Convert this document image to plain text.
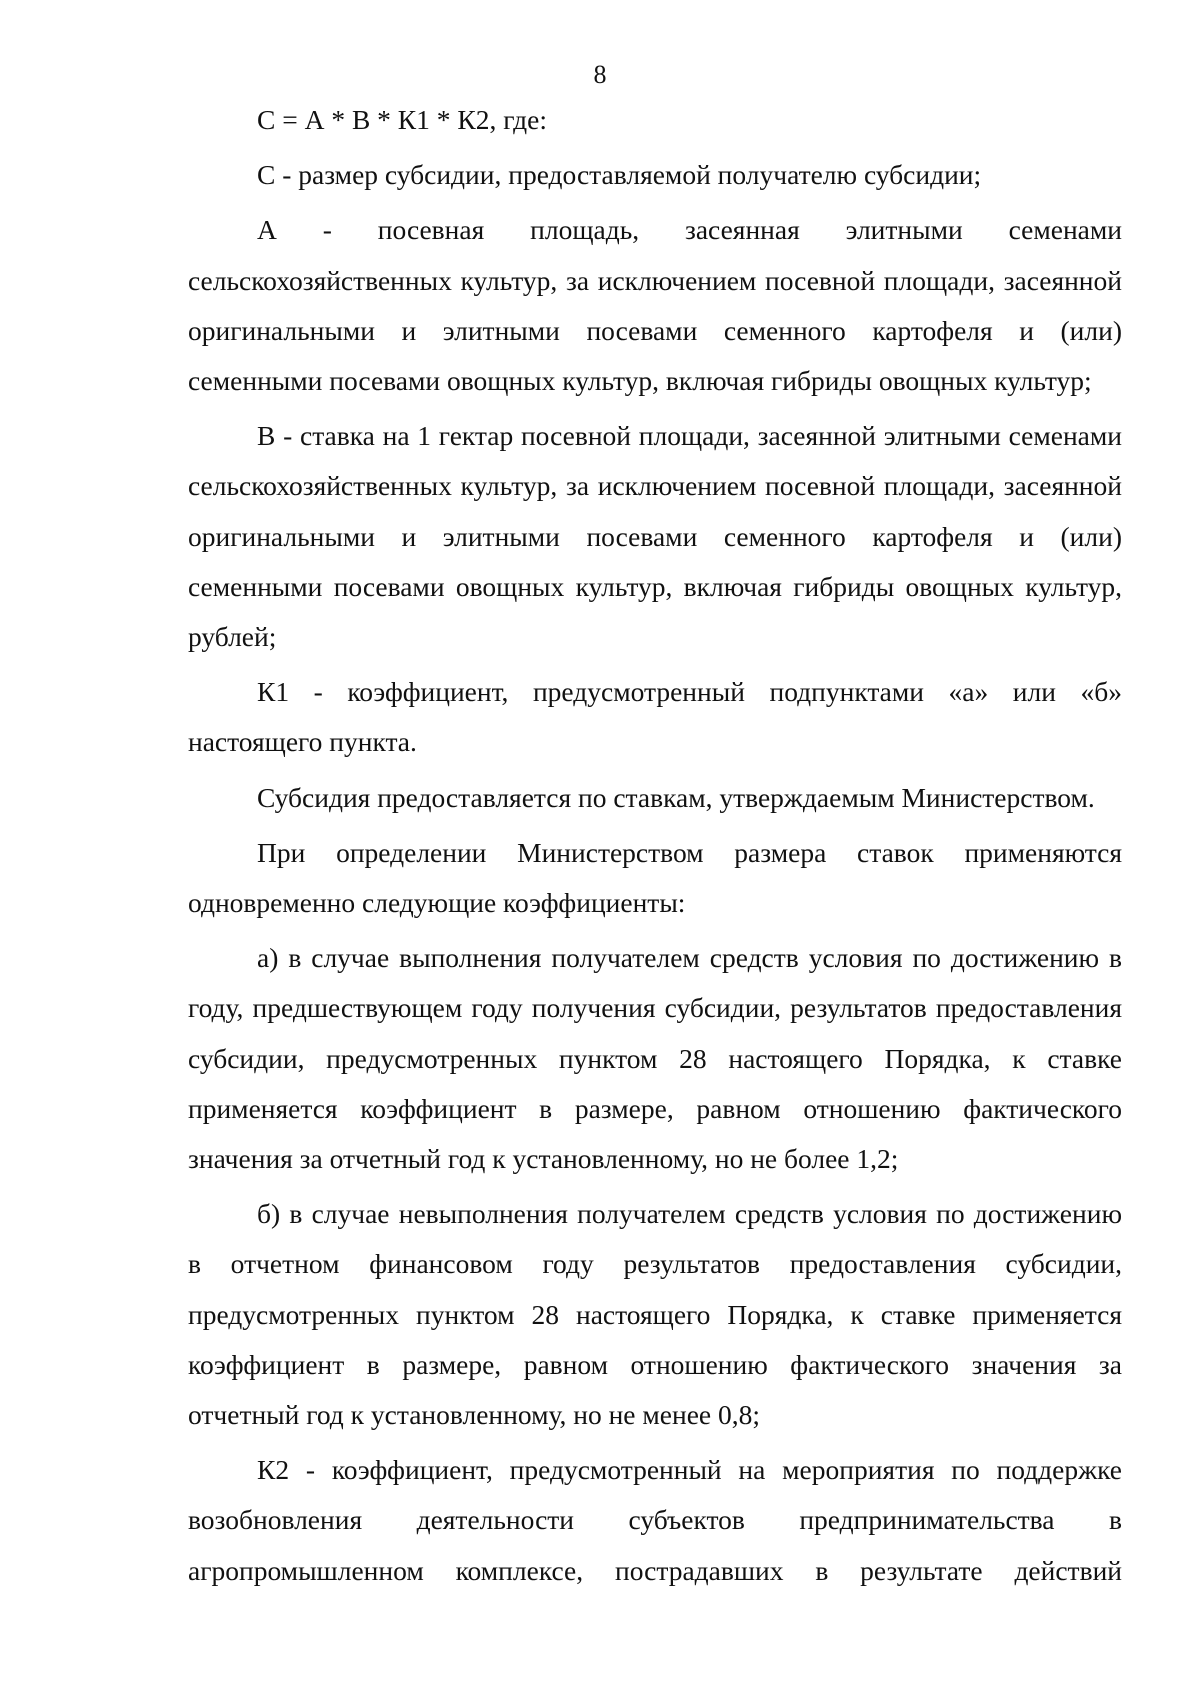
8

С = А * В * К1 * К2, где:

С - размер субсидии, предоставляемой получателю субсидии;

А - посевная площадь, засеянная элитными семенами сельскохозяйственных культур, за исключением посевной площади, засеянной оригинальными и элитными посевами семенного картофеля и (или) семенными посевами овощных культур, включая гибриды овощных культур;

В - ставка на 1 гектар посевной площади, засеянной элитными семенами сельскохозяйственных культур, за исключением посевной площади, засеянной оригинальными и элитными посевами семенного картофеля и (или) семенными посевами овощных культур, включая гибриды овощных культур, рублей;

К1 - коэффициент, предусмотренный подпунктами «а» или «б» настоящего пункта.

Субсидия предоставляется по ставкам, утверждаемым Министерством.

При определении Министерством размера ставок применяются одновременно следующие коэффициенты:

а) в случае выполнения получателем средств условия по достижению в году, предшествующем году получения субсидии, результатов предоставления субсидии, предусмотренных пунктом 28 настоящего Порядка, к ставке применяется коэффициент в размере, равном отношению фактического значения за отчетный год к установленному, но не более 1,2;

б) в случае невыполнения получателем средств условия по достижению в отчетном финансовом году результатов предоставления субсидии, предусмотренных пунктом 28 настоящего Порядка, к ставке применяется коэффициент в размере, равном отношению фактического значения за отчетный год к установленному, но не менее 0,8;

К2 - коэффициент, предусмотренный на мероприятия по поддержке возобновления деятельности субъектов предпринимательства в агропромышленном комплексе, пострадавших в результате действий
